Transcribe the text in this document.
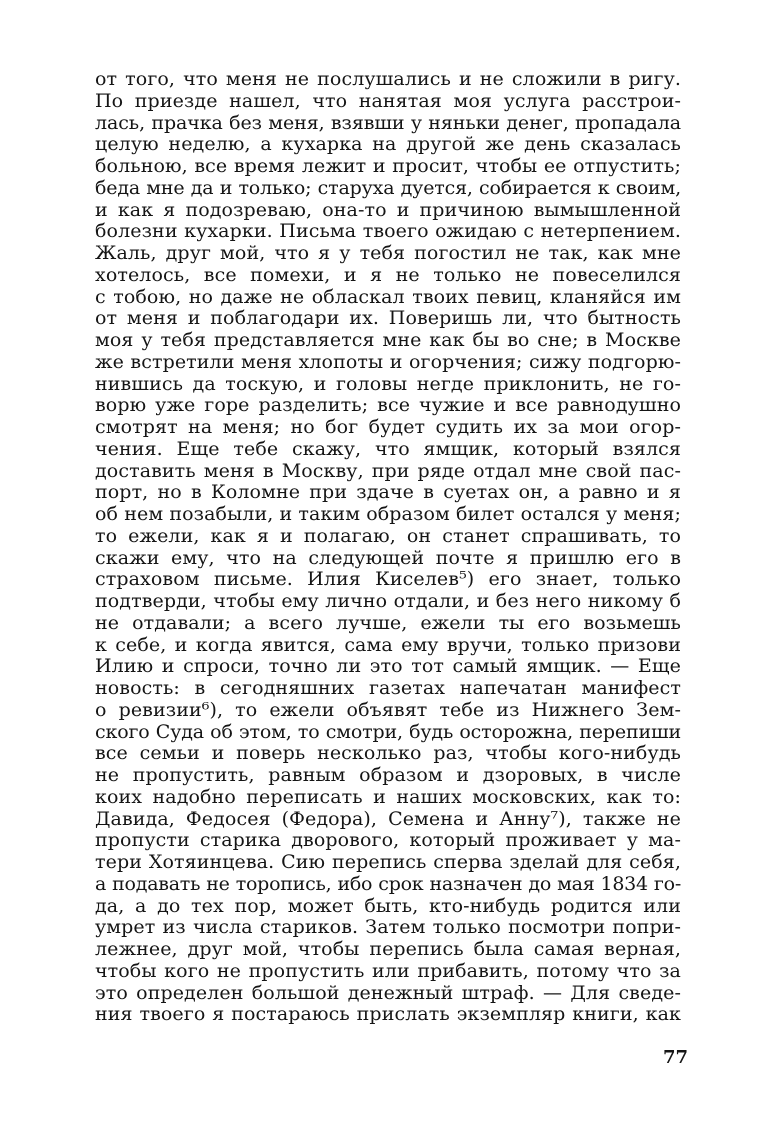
от того, что меня не послушались и не сложили в ригу.
По приезде нашел, что нанятая моя услуга расстрои-
лась, прачка без меня, взявши у няньки денег, пропадала
целую неделю, а кухарка на другой же день сказалась
больною, все время лежит и просит, чтобы ее отпустить;
беда мне да и только; старуха дуется, собирается к своим,
и как я подозреваю, она-то и причиною вымышленной
болезни кухарки. Письма твоего ожидаю с нетерпением.
Жаль, друг мой, что я у тебя погостил не так, как мне
хотелось, все помехи, и я не только не повеселился
с тобою, но даже не обласкал твоих певиц, кланяйся им
от меня и поблагодари их. Поверишь ли, что бытность
моя у тебя представляется мне как бы во сне; в Москве
же встретили меня хлопоты и огорчения; сижу подгорю-
нившись да тоскую, и головы негде приклонить, не го-
ворю уже горе разделить; все чужие и все равнодушно
смотрят на меня; но бог будет судить их за мои огор-
чения. Еще тебе скажу, что ямщик, который взялся
доставить меня в Москву, при ряде отдал мне свой пас-
порт, но в Коломне при здаче в суетах он, а равно и я
об нем позабыли, и таким образом билет остался у меня;
то ежели, как я и полагаю, он станет спрашивать, то
скажи ему, что на следующей почте я пришлю его в
страховом письме. Илия Киселев⁵) его знает, только
подтверди, чтобы ему лично отдали, и без него никому б
не отдавали; а всего лучше, ежели ты его возьмешь
к себе, и когда явится, сама ему вручи, только призови
Илию и спроси, точно ли это тот самый ямщик. — Еще
новость: в сегодняшних газетах напечатан манифест
о ревизии⁶), то ежели объявят тебе из Нижнего Зем-
ского Суда об этом, то смотри, будь осторожна, перепиши
все семьи и поверь несколько раз, чтобы кого-нибудь
не пропустить, равным образом и дзоровых, в числе
коих надобно переписать и наших московских, как то:
Давида, Федосея (Федора), Семена и Анну⁷), также не
пропусти старика дворового, который проживает у ма-
тери Хотяинцева. Сию перепись сперва зделай для себя,
а подавать не торопись, ибо срок назначен до мая 1834 го-
да, а до тех пор, может быть, кто-нибудь родится или
умрет из числа стариков. Затем только посмотри попри-
лежнее, друг мой, чтобы перепись была самая верная,
чтобы кого не пропустить или прибавить, потому что за
это определен большой денежный штраф. — Для сведе-
ния твоего я постараюсь прислать экземпляр книги, как
77
